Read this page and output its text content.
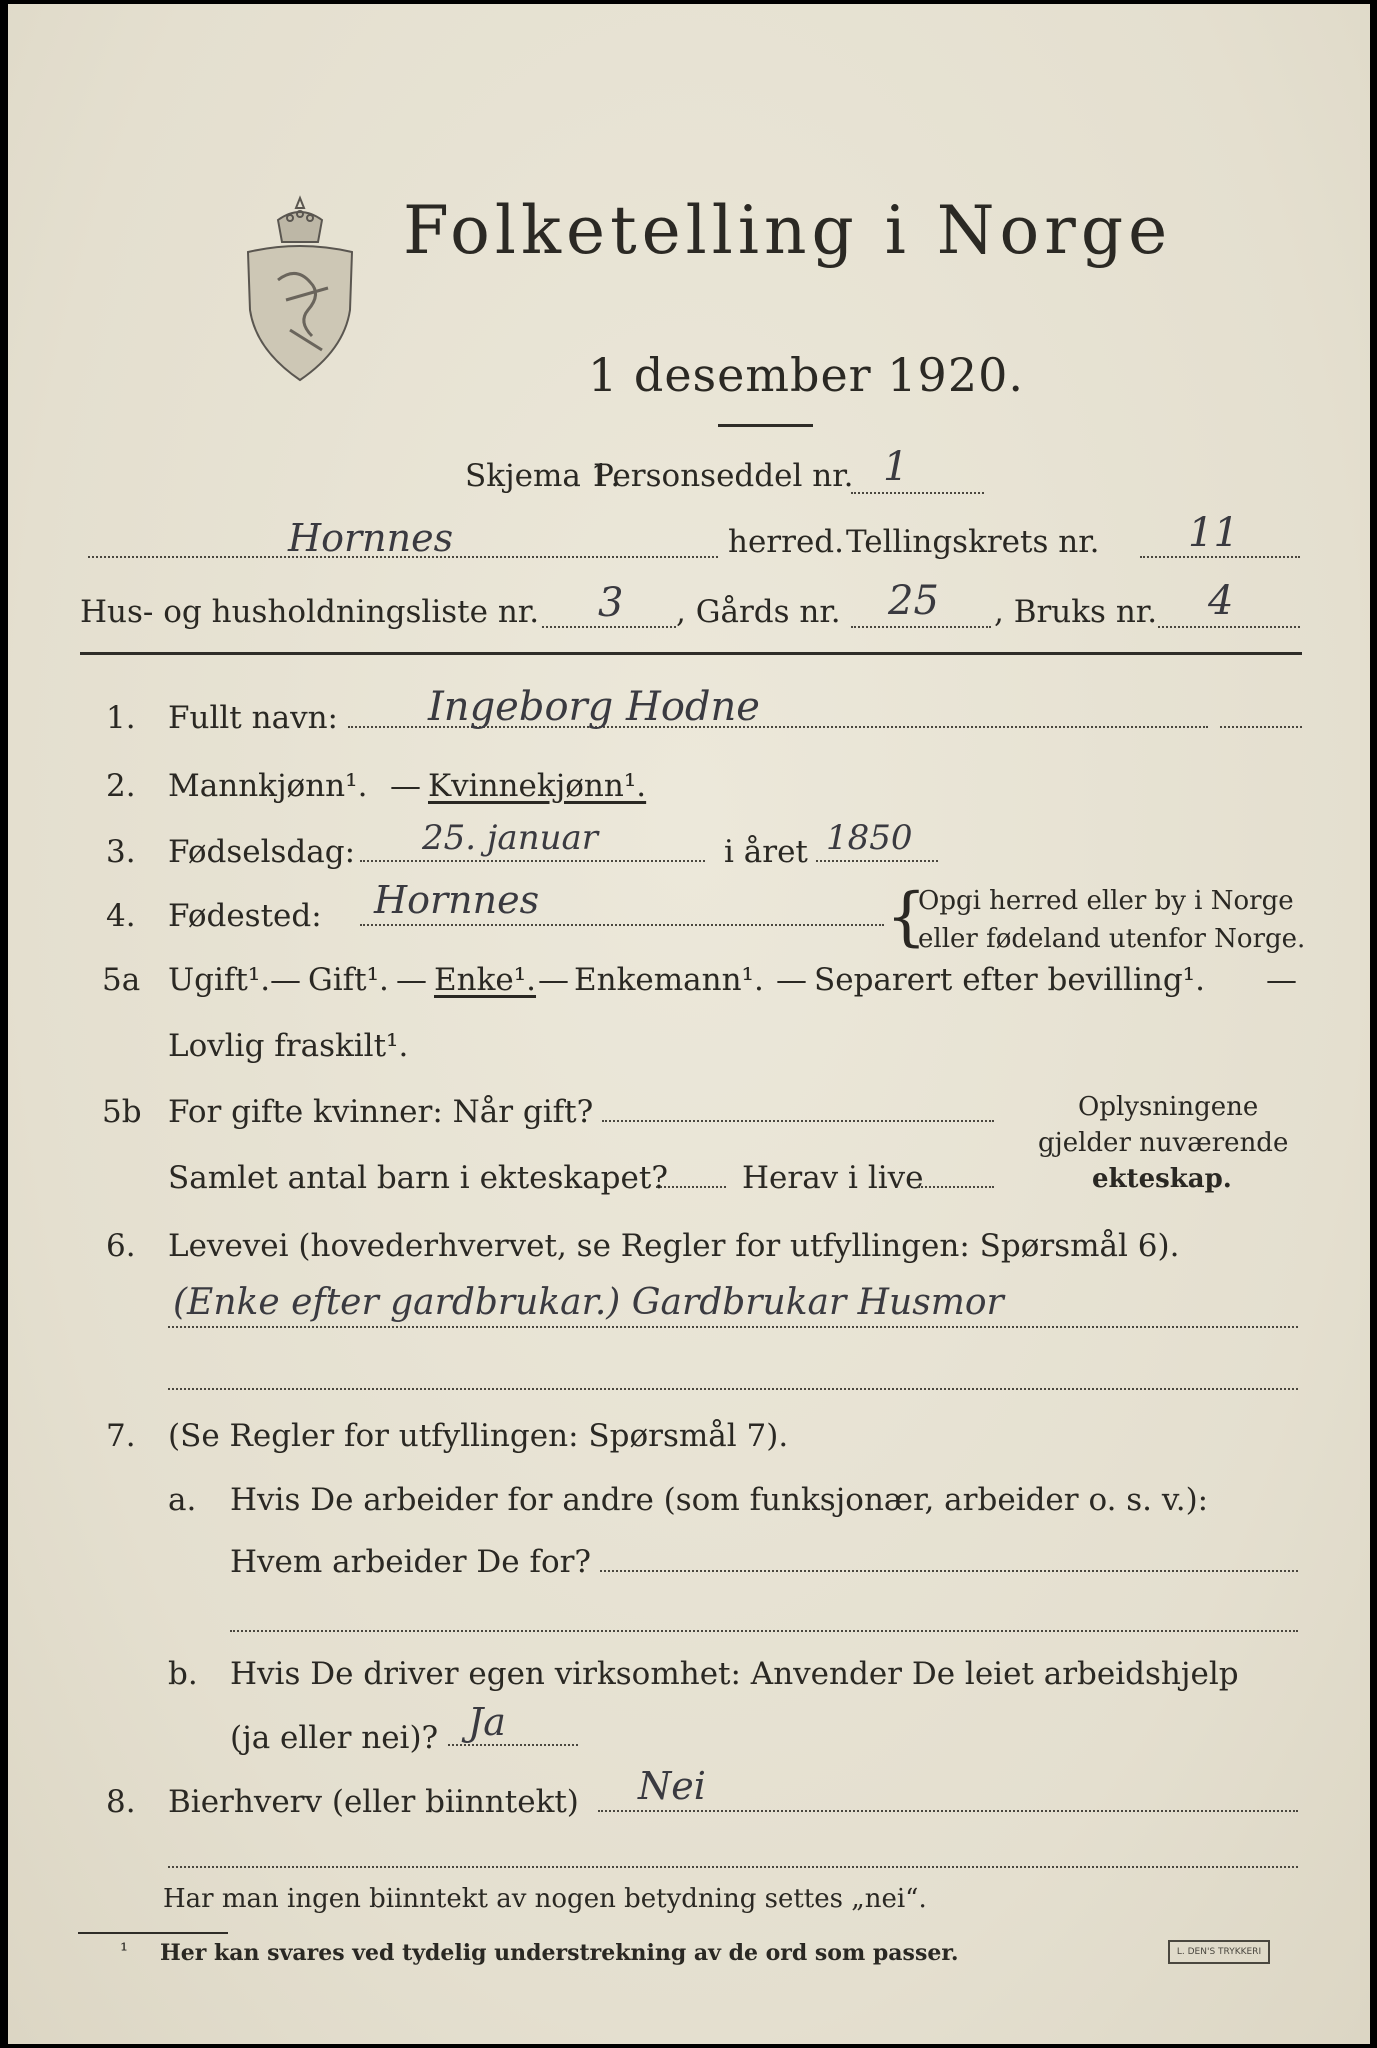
Folketelling i Norge
1 desember 1920.
Skjema 1.
Personseddel nr. 1
Hornnes	herred. Tellingskrets nr. 11
Hus- og husholdningsliste nr. 3 , Gårds nr. 25 , Bruks nr. 4
1. Fullt navn: Ingeborg Hodne
2. Mannkjønn¹. — Kvinnekjønn¹.
3. Fødselsdag: 25. januar	i året 1850
4. Fødested: Hornnes	{
Opgi herred eller by i Norge
eller fødeland utenfor Norge.
5a Ugift¹. — Gift¹. — Enke¹. — Enkemann¹. — Separert efter bevilling¹. —
Lovlig fraskilt¹.
5b For gifte kvinner: Når gift?
Samlet antal barn i ekteskapet? Herav i live
Oplysningene
gjelder nuværende
ekteskap.
6. Levevei (hovederhvervet, se Regler for utfyllingen: Spørsmål 6).
(Enke efter gardbrukar.) Gardbrukar Husmor
7. (Se Regler for utfyllingen: Spørsmål 7).
a. Hvis De arbeider for andre (som funksjonær, arbeider o. s. v.):
Hvem arbeider De for?
b. Hvis De driver egen virksomhet: Anvender De leiet arbeidshjelp
(ja eller nei)? Ja
8. Bierhverv (eller biinntekt) Nei
Har man ingen biinntekt av nogen betydning settes „nei“.
¹ Her kan svares ved tydelig understrekning av de ord som passer.	L. DEN'S TRYKKERI
